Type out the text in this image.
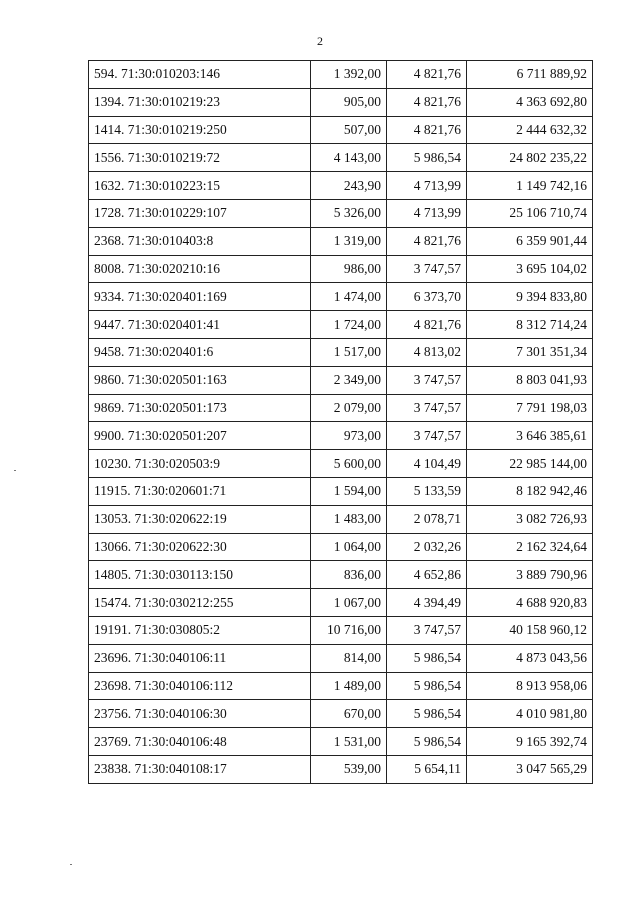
2
594. 71:30:010203:146	1 392,00	4 821,76	6 711 889,92
1394. 71:30:010219:23	905,00	4 821,76	4 363 692,80
1414. 71:30:010219:250	507,00	4 821,76	2 444 632,32
1556. 71:30:010219:72	4 143,00	5 986,54	24 802 235,22
1632. 71:30:010223:15	243,90	4 713,99	1 149 742,16
1728. 71:30:010229:107	5 326,00	4 713,99	25 106 710,74
2368. 71:30:010403:8	1 319,00	4 821,76	6 359 901,44
8008. 71:30:020210:16	986,00	3 747,57	3 695 104,02
9334. 71:30:020401:169	1 474,00	6 373,70	9 394 833,80
9447. 71:30:020401:41	1 724,00	4 821,76	8 312 714,24
9458. 71:30:020401:6	1 517,00	4 813,02	7 301 351,34
9860. 71:30:020501:163	2 349,00	3 747,57	8 803 041,93
9869. 71:30:020501:173	2 079,00	3 747,57	7 791 198,03
9900. 71:30:020501:207	973,00	3 747,57	3 646 385,61
10230. 71:30:020503:9	5 600,00	4 104,49	22 985 144,00
11915. 71:30:020601:71	1 594,00	5 133,59	8 182 942,46
13053. 71:30:020622:19	1 483,00	2 078,71	3 082 726,93
13066. 71:30:020622:30	1 064,00	2 032,26	2 162 324,64
14805. 71:30:030113:150	836,00	4 652,86	3 889 790,96
15474. 71:30:030212:255	1 067,00	4 394,49	4 688 920,83
19191. 71:30:030805:2	10 716,00	3 747,57	40 158 960,12
23696. 71:30:040106:11	814,00	5 986,54	4 873 043,56
23698. 71:30:040106:112	1 489,00	5 986,54	8 913 958,06
23756. 71:30:040106:30	670,00	5 986,54	4 010 981,80
23769. 71:30:040106:48	1 531,00	5 986,54	9 165 392,74
23838. 71:30:040108:17	539,00	5 654,11	3 047 565,29
